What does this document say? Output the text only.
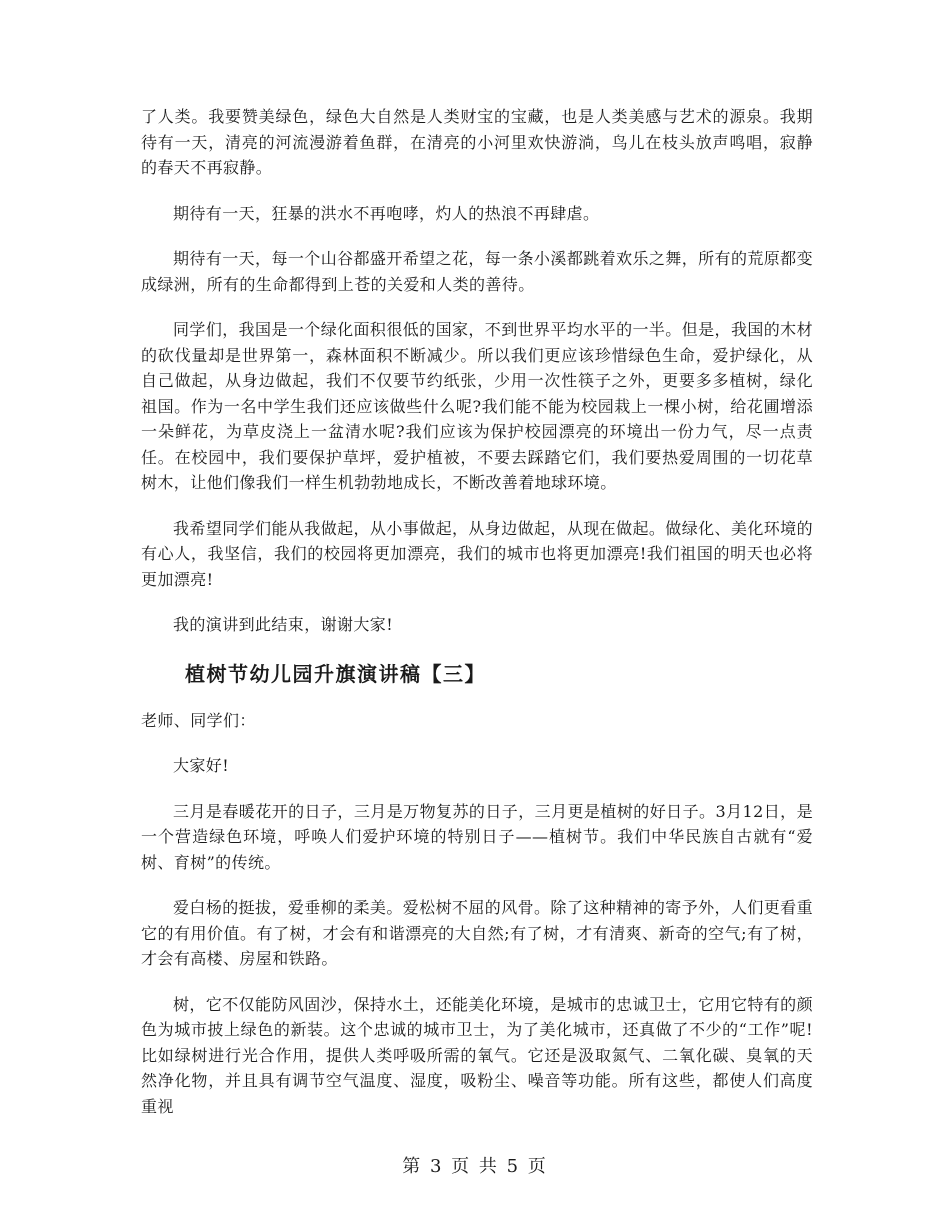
了人类。我要赞美绿色，绿色大自然是人类财宝的宝藏，也是人类美感与艺术的源泉。我期待有一天，清亮的河流漫游着鱼群，在清亮的小河里欢快游淌，鸟儿在枝头放声鸣唱，寂静的春天不再寂静。

期待有一天，狂暴的洪水不再咆哮，灼人的热浪不再肆虐。

期待有一天，每一个山谷都盛开希望之花，每一条小溪都跳着欢乐之舞，所有的荒原都变成绿洲，所有的生命都得到上苍的关爱和人类的善待。

同学们，我国是一个绿化面积很低的国家，不到世界平均水平的一半。但是，我国的木材的砍伐量却是世界第一，森林面积不断减少。所以我们更应该珍惜绿色生命，爱护绿化，从自己做起，从身边做起，我们不仅要节约纸张，少用一次性筷子之外，更要多多植树，绿化祖国。作为一名中学生我们还应该做些什么呢?我们能不能为校园栽上一棵小树，给花圃增添一朵鲜花，为草皮浇上一盆清水呢?我们应该为保护校园漂亮的环境出一份力气，尽一点责任。在校园中，我们要保护草坪，爱护植被，不要去踩踏它们，我们要热爱周围的一切花草树木，让他们像我们一样生机勃勃地成长，不断改善着地球环境。

我希望同学们能从我做起，从小事做起，从身边做起，从现在做起。做绿化、美化环境的有心人，我坚信，我们的校园将更加漂亮，我们的城市也将更加漂亮!我们祖国的明天也必将更加漂亮!

我的演讲到此结束，谢谢大家!

植树节幼儿园升旗演讲稿【三】

老师、同学们：

大家好!

三月是春暖花开的日子，三月是万物复苏的日子，三月更是植树的好日子。3月12日，是一个营造绿色环境，呼唤人们爱护环境的特别日子——植树节。我们中华民族自古就有“爱树、育树”的传统。

爱白杨的挺拔，爱垂柳的柔美。爱松树不屈的风骨。除了这种精神的寄予外，人们更看重它的有用价值。有了树，才会有和谐漂亮的大自然;有了树，才有清爽、新奇的空气;有了树，才会有高楼、房屋和铁路。

树，它不仅能防风固沙，保持水土，还能美化环境，是城市的忠诚卫士，它用它特有的颜色为城市披上绿色的新装。这个忠诚的城市卫士，为了美化城市，还真做了不少的“工作”呢!比如绿树进行光合作用，提供人类呼吸所需的氧气。它还是汲取氮气、二氧化碳、臭氧的天然净化物，并且具有调节空气温度、湿度，吸粉尘、噪音等功能。所有这些，都使人们高度重视

第 3 页 共 5 页
